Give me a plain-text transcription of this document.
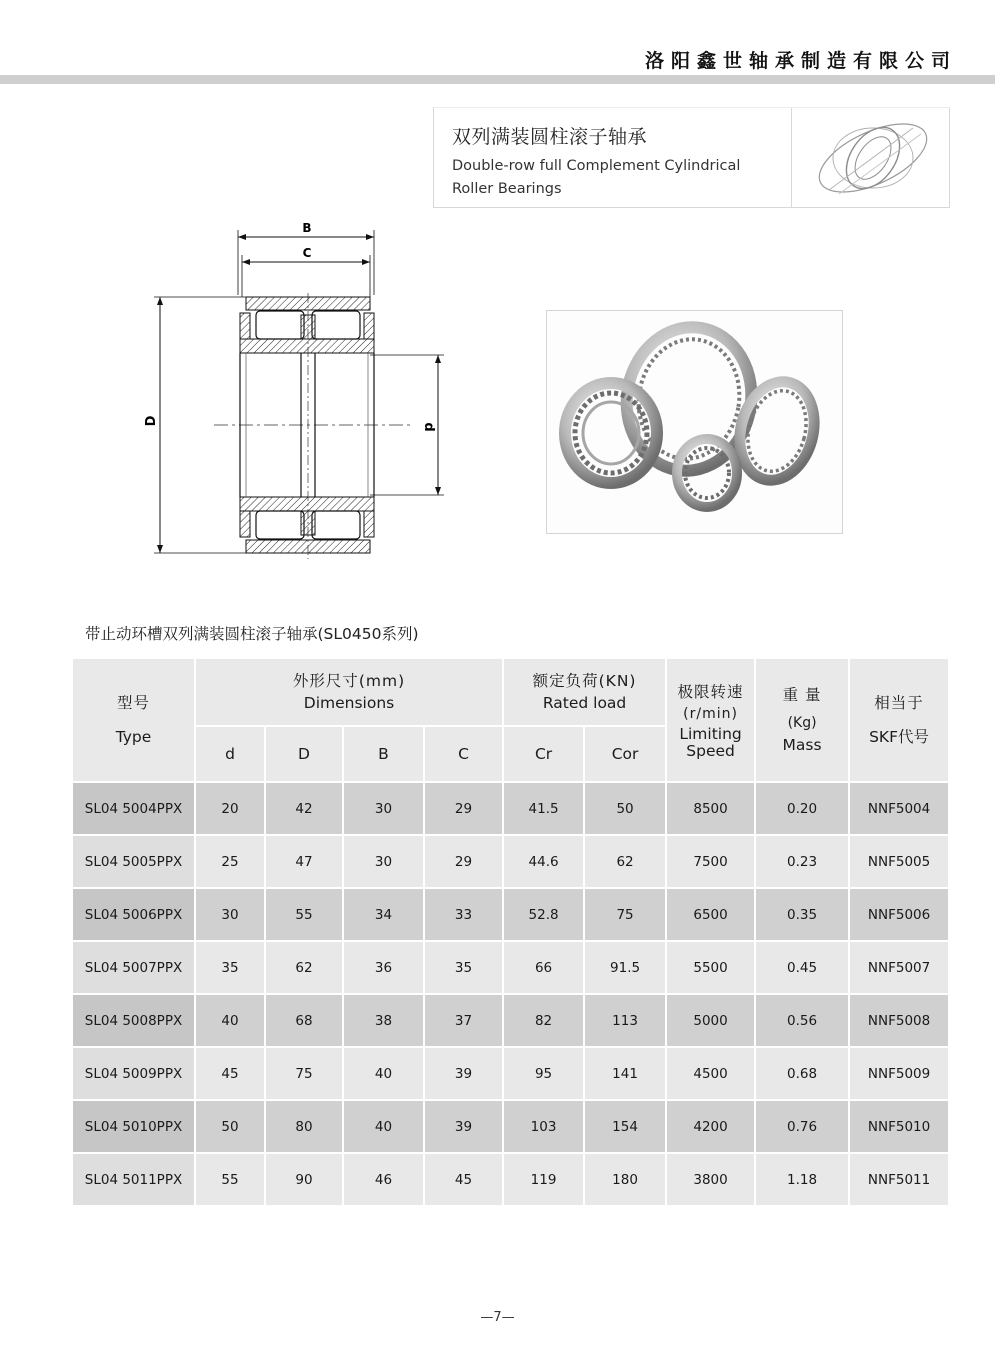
洛阳鑫世轴承制造有限公司
双列满装圆柱滚子轴承
Double-row full Complement Cylindrical
Roller Bearings
B
C
D
d
带止动环槽双列满装圆柱滚子轴承(SL0450系列)
型号
Type	外形尺寸(mm)
Dimensions				额定负荷(KN)
Rated load		极限转速
(r/min)
Limiting
Speed	重 量
(Kg)
Mass	相当于
SKF代号

	d	D	B	C	Cr	Cor			
SL04 5004PPX	20	42	30	29	41.5	50	8500	0.20	NNF5004
SL04 5005PPX	25	47	30	29	44.6	62	7500	0.23	NNF5005
SL04 5006PPX	30	55	34	33	52.8	75	6500	0.35	NNF5006
SL04 5007PPX	35	62	36	35	66	91.5	5500	0.45	NNF5007
SL04 5008PPX	40	68	38	37	82	113	5000	0.56	NNF5008
SL04 5009PPX	45	75	40	39	95	141	4500	0.68	NNF5009
SL04 5010PPX	50	80	40	39	103	154	4200	0.76	NNF5010
SL04 5011PPX	55	90	46	45	119	180	3800	1.18	NNF5011
—7—
